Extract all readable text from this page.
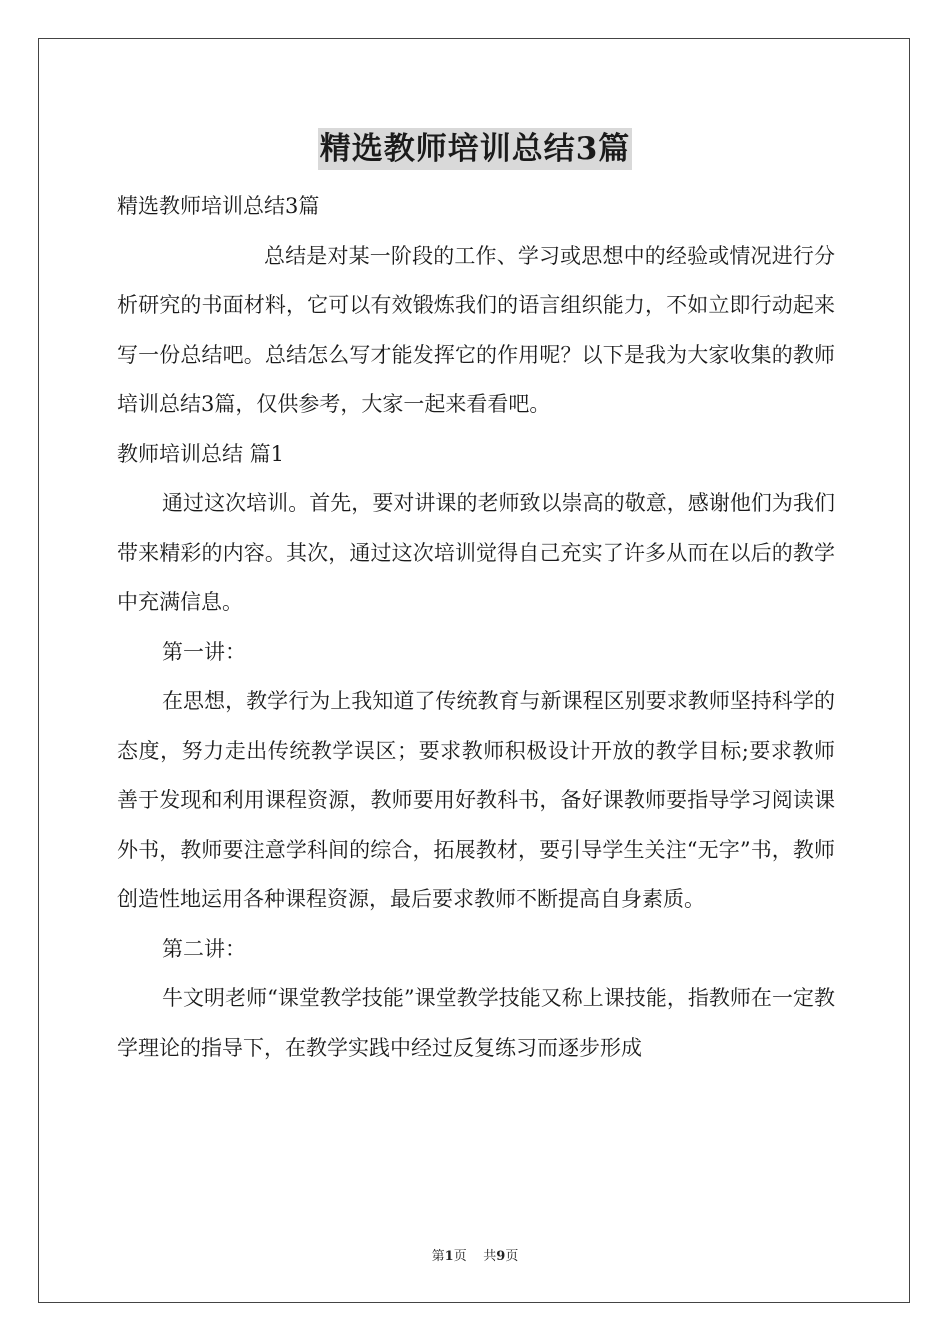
精选教师培训总结3篇

精选教师培训总结3篇

总结是对某一阶段的工作、学习或思想中的经验或情况进行分析研究的书面材料，它可以有效锻炼我们的语言组织能力，不如立即行动起来写一份总结吧。总结怎么写才能发挥它的作用呢？以下是我为大家收集的教师培训总结3篇，仅供参考，大家一起来看看吧。

教师培训总结 篇1

通过这次培训。首先，要对讲课的老师致以崇高的敬意，感谢他们为我们带来精彩的内容。其次，通过这次培训觉得自己充实了许多从而在以后的教学中充满信息。

第一讲：

在思想，教学行为上我知道了传统教育与新课程区别要求教师坚持科学的态度，努力走出传统教学误区；要求教师积极设计开放的教学目标;要求教师善于发现和利用课程资源，教师要用好教科书，备好课教师要指导学习阅读课外书，教师要注意学科间的综合，拓展教材，要引导学生关注“无字”书，教师创造性地运用各种课程资源，最后要求教师不断提高自身素质。

第二讲：

牛文明老师“课堂教学技能”课堂教学技能又称上课技能，指教师在一定教学理论的指导下，在教学实践中经过反复练习而逐步形成

第1页 共9页
